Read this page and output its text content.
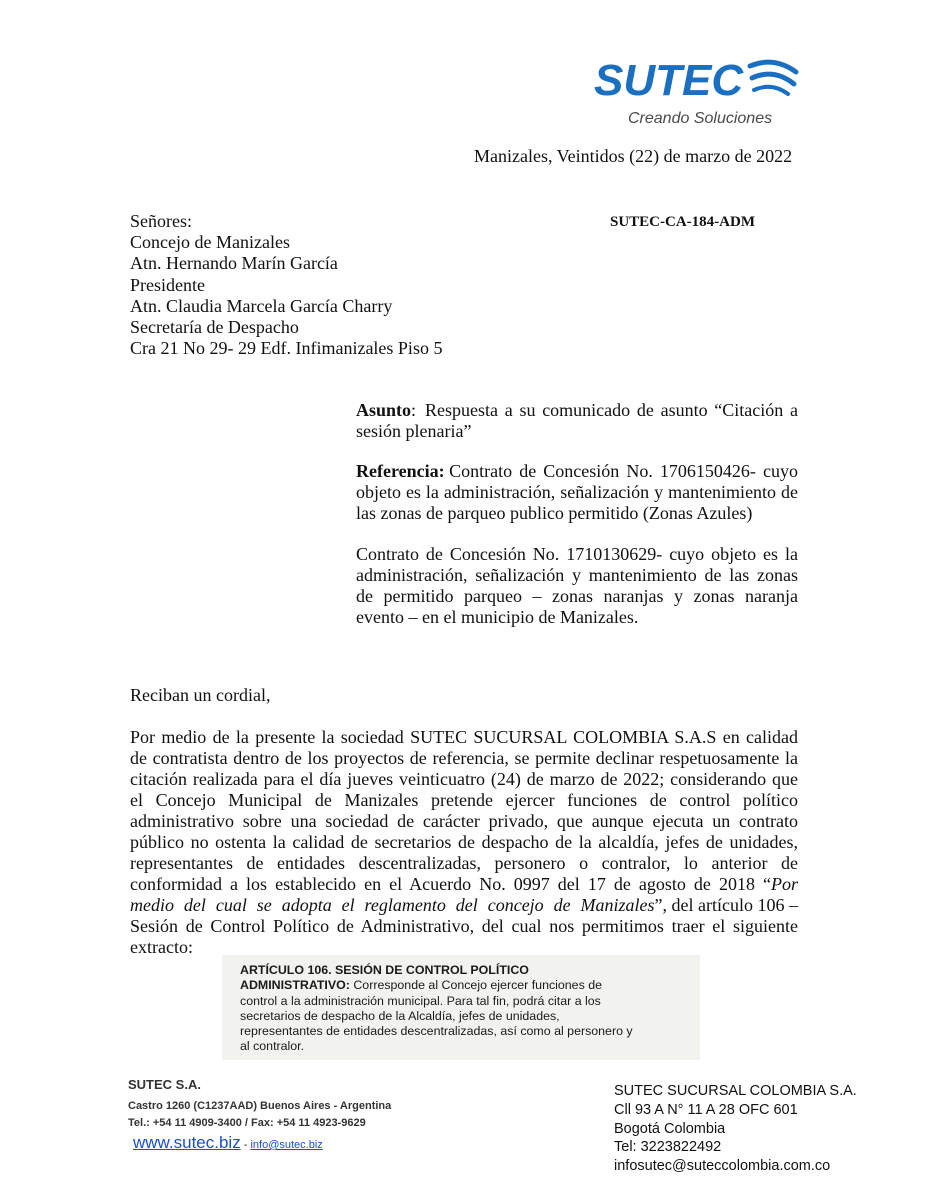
SUTEC
Creando Soluciones
Manizales, Veintidos (22) de marzo de 2022
SUTEC-CA-184-ADM
Señores:
Concejo de Manizales
Atn. Hernando Marín García
Presidente
Atn. Claudia Marcela García Charry
Secretaría de Despacho
Cra 21 No 29- 29 Edf. Infimanizales Piso 5
Asunto: Respuesta a su comunicado de asunto “Citación a
sesión plenaria”
Referencia:
Contrato de Concesión No. 1706150426- cuyo
objeto es la administración, señalización y mantenimiento de
las zonas de parqueo publico permitido (Zonas Azules)
Contrato de Concesión No. 1710130629- cuyo objeto es la
administración, señalización y mantenimiento de las zonas
de permitido parqueo – zonas naranjas y zonas naranja
evento – en el municipio de Manizales.
Reciban un cordial,
Por medio de la presente la sociedad SUTEC SUCURSAL COLOMBIA S.A.S en calidad
de contratista dentro de los proyectos de referencia, se permite declinar respetuosamente la
citación realizada para el día jueves veinticuatro (24) de marzo de 2022; considerando que
el Concejo Municipal de Manizales pretende ejercer funciones de control político
administrativo sobre una sociedad de carácter privado, que aunque ejecuta un contrato
público no ostenta la calidad de secretarios de despacho de la alcaldía, jefes de unidades,
representantes de entidades descentralizadas, personero o contralor, lo anterior de
conformidad a los establecido en el Acuerdo No. 0997 del 17 de agosto de 2018 “ Por
medio del cual se adopta el reglamento del concejo de Manizales ”, del artículo 106 –
Sesión de Control Político de Administrativo, del cual nos permitimos traer el siguiente
extracto:
ARTÍCULO 106. SESIÓN DE CONTROL POLÍTICO
ADMINISTRATIVO: Corresponde al Concejo ejercer funciones de
control a la administración municipal. Para tal fin, podrá citar a los
secretarios de despacho de la Alcaldía, jefes de unidades,
representantes de entidades descentralizadas, así como al personero y
al contralor.
SUTEC S.A.
Castro 1260 (C1237AAD) Buenos Aires - Argentina
Tel.: +54 11 4909-3400 / Fax: +54 11 4923-9629
www.sutec.biz - info@sutec.biz
SUTEC SUCURSAL COLOMBIA S.A.
Cll 93 A N° 11 A 28 OFC 601
Bogotá Colombia
Tel: 3223822492
infosutec@suteccolombia.com.co
